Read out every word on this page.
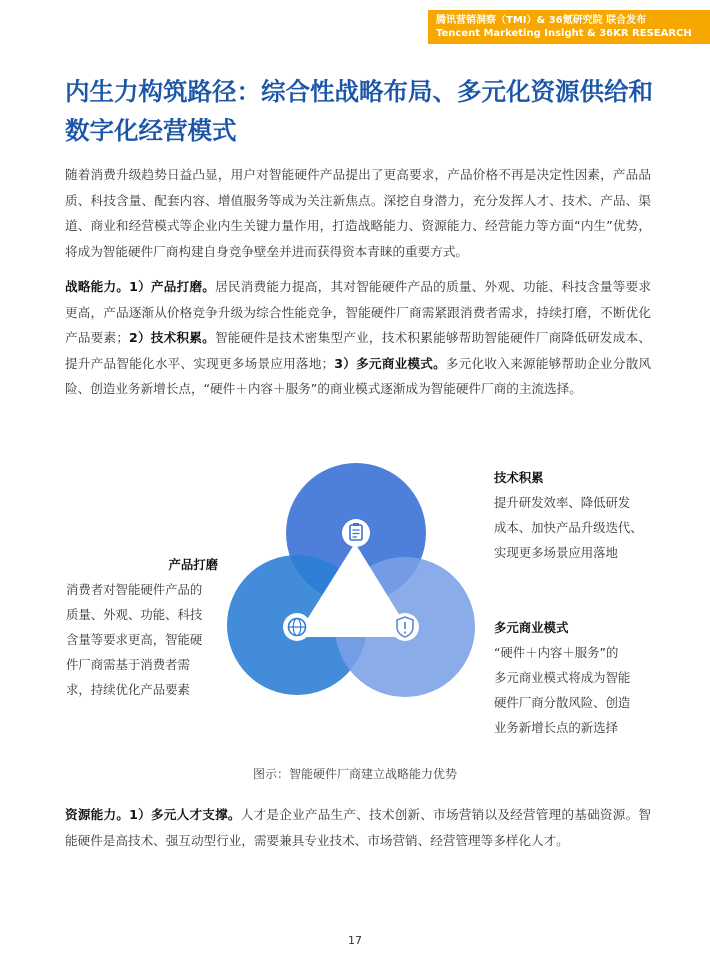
腾讯营销洞察（TMI）& 36氪研究院 联合发布
Tencent Marketing Insight & 36KR RESEARCH
内生力构筑路径：综合性战略布局、多元化资源供给和数字化经营模式

随着消费升级趋势日益凸显，用户对智能硬件产品提出了更高要求，产品价格不再是决定性因素，产品品质、科技含量、配套内容、增值服务等成为关注新焦点。深挖自身潜力，充分发挥人才、技术、产品、渠道、商业和经营模式等企业内生关键力量作用，打造战略能力、资源能力、经营能力等方面“内生”优势，将成为智能硬件厂商构建自身竞争壁垒并进而获得资本青睐的重要方式。

战略能力。1）产品打磨。居民消费能力提高，其对智能硬件产品的质量、外观、功能、科技含量等要求更高，产品逐渐从价格竞争升级为综合性能竞争，智能硬件厂商需紧跟消费者需求，持续打磨，不断优化产品要素；2）技术积累。智能硬件是技术密集型产业，技术积累能够帮助智能硬件厂商降低研发成本、提升产品智能化水平、实现更多场景应用落地；3）多元商业模式。多元化收入来源能够帮助企业分散风险、创造业务新增长点，“硬件＋内容＋服务”的商业模式逐渐成为智能硬件厂商的主流选择。

产品打磨
消费者对智能硬件产品的
质量、外观、功能、科技
含量等要求更高，智能硬
件厂商需基于消费者需
求，持续优化产品要素
技术积累
提升研发效率、降低研发
成本、加快产品升级迭代、
实现更多场景应用落地
多元商业模式
“硬件＋内容＋服务”的
多元商业模式将成为智能
硬件厂商分散风险、创造
业务新增长点的新选择
图示：智能硬件厂商建立战略能力优势

资源能力。1）多元人才支撑。人才是企业产品生产、技术创新、市场营销以及经营管理的基础资源。智能硬件是高技术、强互动型行业，需要兼具专业技术、市场营销、经营管理等多样化人才。

17
